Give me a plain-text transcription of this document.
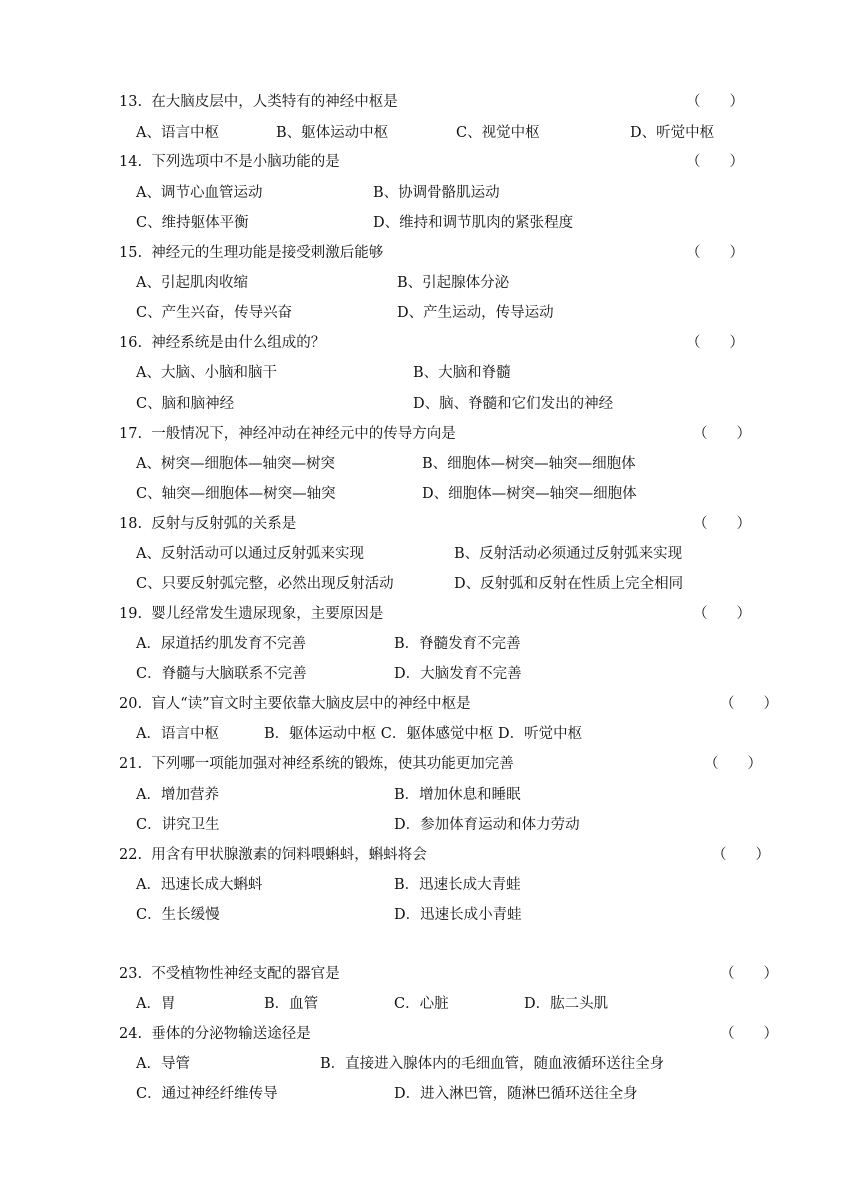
13. 在大脑皮层中，人类特有的神经中枢是	（　　）
A、语言中枢	B、躯体运动中枢	C、视觉中枢	D、听觉中枢
14. 下列选项中不是小脑功能的是	（　　）
A、调节心血管运动	B、协调骨骼肌运动
C、维持躯体平衡	D、维持和调节肌肉的紧张程度
15. 神经元的生理功能是接受刺激后能够	（　　）
A、引起肌肉收缩	B、引起腺体分泌
C、产生兴奋，传导兴奋	D、产生运动，传导运动
16. 神经系统是由什么组成的？	（　　）
A、大脑、小脑和脑干	B、大脑和脊髓
C、脑和脑神经	D、脑、脊髓和它们发出的神经
17. 一般情况下，神经冲动在神经元中的传导方向是	（　　）
A、树突—细胞体—轴突—树突	B、细胞体—树突—轴突—细胞体
C、轴突—细胞体—树突—轴突	D、细胞体—树突—轴突—细胞体
18. 反射与反射弧的关系是	（　　）
A、反射活动可以通过反射弧来实现	B、反射活动必须通过反射弧来实现
C、只要反射弧完整，必然出现反射活动	D、反射弧和反射在性质上完全相同
19. 婴儿经常发生遗尿现象，主要原因是	（　　）
A．尿道括约肌发育不完善	B．脊髓发育不完善
C．脊髓与大脑联系不完善	D．大脑发育不完善
20. 盲人“读”盲文时主要依靠大脑皮层中的神经中枢是	（　　）
A．语言中枢	B．躯体运动中枢 C．躯体感觉中枢 D．听觉中枢
21. 下列哪一项能加强对神经系统的锻炼，使其功能更加完善	（　　）
A．增加营养	B．增加休息和睡眠
C．讲究卫生	D．参加体育运动和体力劳动
22. 用含有甲状腺激素的饲料喂蝌蚪，蝌蚪将会	（　　）
A．迅速长成大蝌蚪	B．迅速长成大青蛙
C．生长缓慢	D．迅速长成小青蛙
23. 不受植物性神经支配的器官是	（　　）
A．胃	B．血管	C．心脏	D．肱二头肌
24. 垂体的分泌物输送途径是	（　　）
A．导管	B．直接进入腺体内的毛细血管，随血液循环送往全身
C．通过神经纤维传导	D．进入淋巴管，随淋巴循环送往全身
